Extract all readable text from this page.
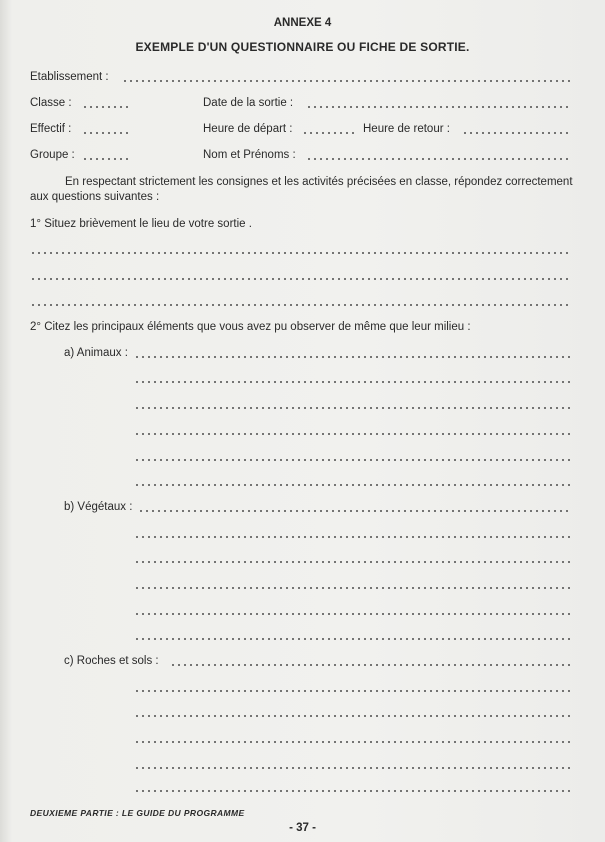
ANNEXE 4
EXEMPLE D'UN QUESTIONNAIRE OU FICHE DE SORTIE.
Etablissement :
Classe :	Date de la sortie :
Effectif :	Heure de départ :	Heure de retour :
Groupe :	Nom et Prénoms :
En respectant strictement les consignes et les activités précisées en classe, répondez correctement aux questions suivantes :
1° Situez brièvement le lieu de votre sortie .
2° Citez les principaux éléments que vous avez pu observer de même que leur milieu :
a) Animaux :
b) Végétaux :
c) Roches et sols :
DEUXIEME PARTIE : LE GUIDE DU PROGRAMME
- 37 -
